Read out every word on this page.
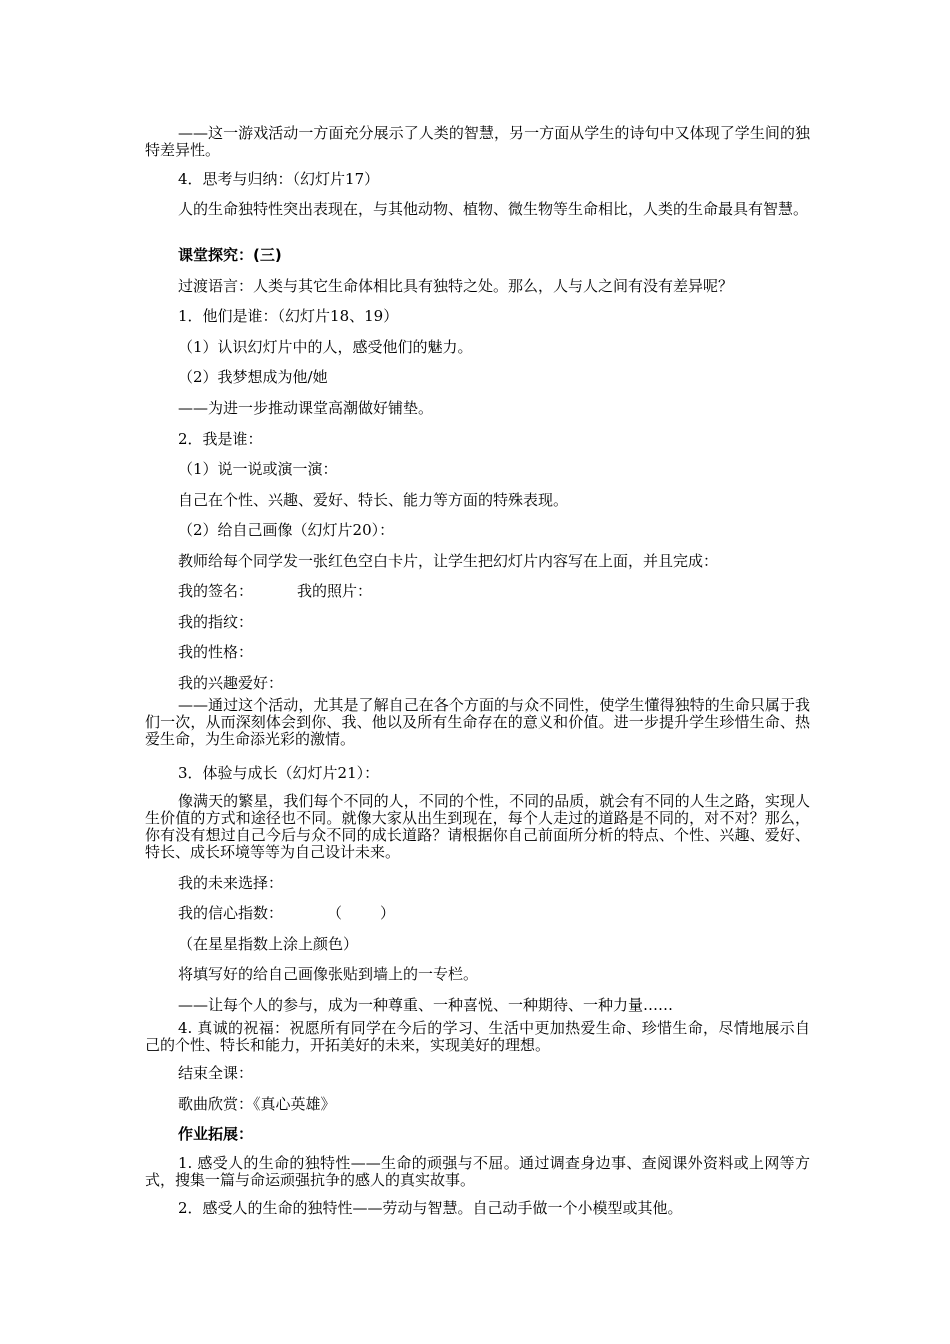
——这一游戏活动一方面充分展示了人类的智慧，另一方面从学生的诗句中又体现了学生间的独特差异性。

4．思考与归纳：（幻灯片17）

人的生命独特性突出表现在，与其他动物、植物、微生物等生命相比，人类的生命最具有智慧。

课堂探究：(三)

过渡语言：人类与其它生命体相比具有独特之处。那么，人与人之间有没有差异呢？

1．他们是谁：（幻灯片18、19）

（1）认识幻灯片中的人，感受他们的魅力。

（2）我梦想成为他/她

——为进一步推动课堂高潮做好铺垫。

2．我是谁：

（1）说一说或演一演：

自己在个性、兴趣、爱好、特长、能力等方面的特殊表现。

（2）给自己画像（幻灯片20）：

教师给每个同学发一张红色空白卡片，让学生把幻灯片内容写在上面，并且完成：

我的签名：	我的照片：

我的指纹：

我的性格：

我的兴趣爱好：

——通过这个活动，尤其是了解自己在各个方面的与众不同性，使学生懂得独特的生命只属于我们一次，从而深刻体会到你、我、他以及所有生命存在的意义和价值。进一步提升学生珍惜生命、热爱生命，为生命添光彩的激情。

3．体验与成长（幻灯片21）：

像满天的繁星，我们每个不同的人，不同的个性，不同的品质，就会有不同的人生之路，实现人生价值的方式和途径也不同。就像大家从出生到现在，每个人走过的道路是不同的，对不对？那么，你有没有想过自己今后与众不同的成长道路？请根据你自己前面所分析的特点、个性、兴趣、爱好、特长、成长环境等等为自己设计未来。

我的未来选择：

我的信心指数：	（	）

（在星星指数上涂上颜色）

将填写好的给自己画像张贴到墙上的一专栏。

——让每个人的参与，成为一种尊重、一种喜悦、一种期待、一种力量……

4. 真诚的祝福：祝愿所有同学在今后的学习、生活中更加热爱生命、珍惜生命，尽情地展示自己的个性、特长和能力，开拓美好的未来，实现美好的理想。

结束全课：

歌曲欣赏：《真心英雄》

作业拓展：

1. 感受人的生命的独特性——生命的顽强与不屈。通过调查身边事、查阅课外资料或上网等方式，搜集一篇与命运顽强抗争的感人的真实故事。

2．感受人的生命的独特性——劳动与智慧。自己动手做一个小模型或其他。
